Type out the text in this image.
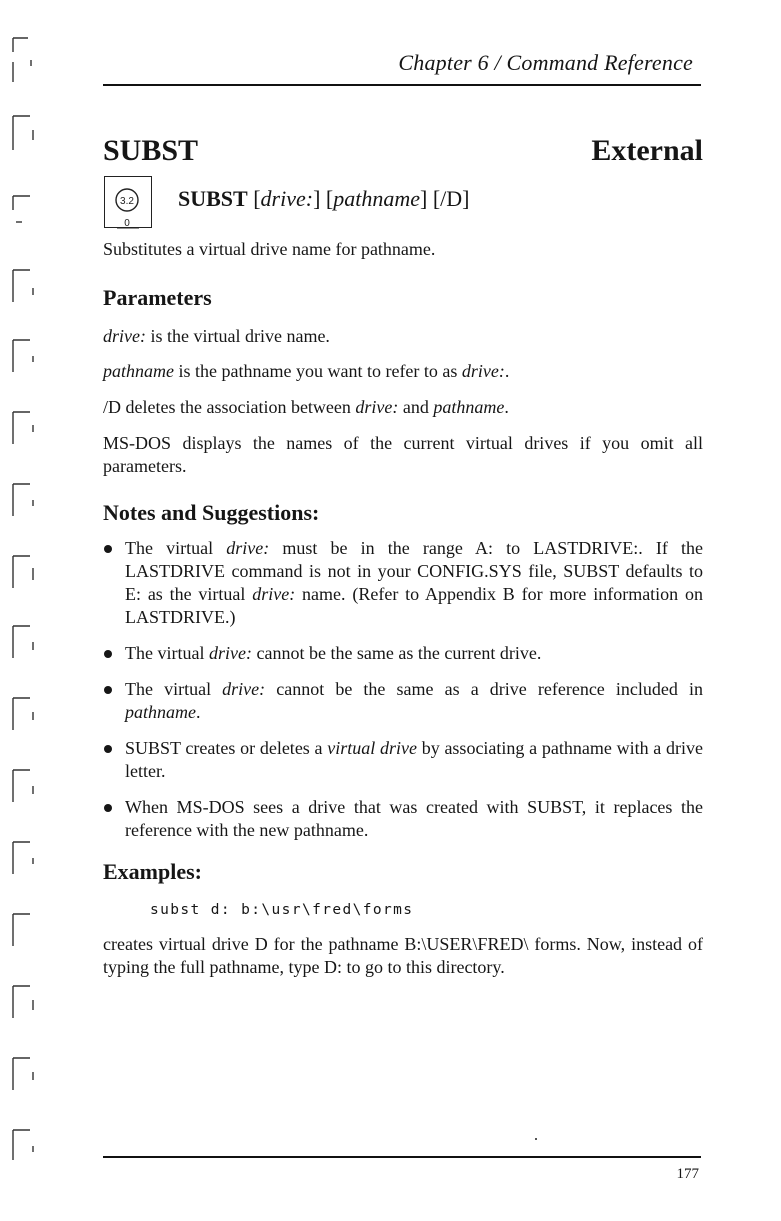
Chapter 6 / Command Reference
SUBST	External
3.2
0
SUBST [drive:] [pathname] [/D]
Substitutes a virtual drive name for pathname.
Parameters
drive: is the virtual drive name.
pathname is the pathname you want to refer to as drive:.
/D deletes the association between drive: and pathname.
MS-DOS displays the names of the current virtual drives if you omit all parameters.
Notes and Suggestions:
The virtual drive: must be in the range A: to LASTDRIVE:. If the LASTDRIVE command is not in your CONFIG.SYS file, SUBST defaults to E: as the virtual drive: name. (Refer to Appendix B for more information on LASTDRIVE.)
The virtual drive: cannot be the same as the current drive.
The virtual drive: cannot be the same as a drive reference included in pathname.
SUBST creates or deletes a virtual drive by associating a pathname with a drive letter.
When MS-DOS sees a drive that was created with SUBST, it replaces the reference with the new pathname.
Examples:
subst d: b:\usr\fred\forms
creates virtual drive D for the pathname B:\USER\FRED\ forms. Now, instead of typing the full pathname, type D: to go to this directory.
177
